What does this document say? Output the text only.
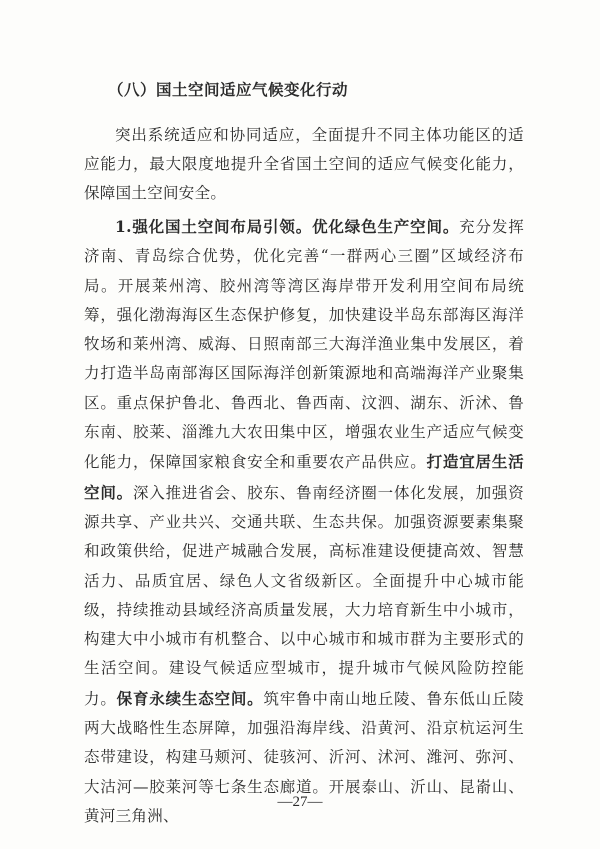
（八）国土空间适应气候变化行动

突出系统适应和协同适应，全面提升不同主体功能区的适应能力，最大限度地提升全省国土空间的适应气候变化能力，保障国土空间安全。

1.强化国土空间布局引领。优化绿色生产空间。充分发挥济南、青岛综合优势，优化完善“一群两心三圈”区域经济布局。开展莱州湾、胶州湾等湾区海岸带开发利用空间布局统筹，强化渤海海区生态保护修复，加快建设半岛东部海区海洋牧场和莱州湾、威海、日照南部三大海洋渔业集中发展区，着力打造半岛南部海区国际海洋创新策源地和高端海洋产业聚集区。重点保护鲁北、鲁西北、鲁西南、汶泗、湖东、沂沭、鲁东南、胶莱、淄潍九大农田集中区，增强农业生产适应气候变化能力，保障国家粮食安全和重要农产品供应。打造宜居生活空间。深入推进省会、胶东、鲁南经济圈一体化发展，加强资源共享、产业共兴、交通共联、生态共保。加强资源要素集聚和政策供给，促进产城融合发展，高标准建设便捷高效、智慧活力、品质宜居、绿色人文省级新区。全面提升中心城市能级，持续推动县域经济高质量发展，大力培育新生中小城市，构建大中小城市有机整合、以中心城市和城市群为主要形式的生活空间。建设气候适应型城市，提升城市气候风险防控能力。保育永续生态空间。筑牢鲁中南山地丘陵、鲁东低山丘陵两大战略性生态屏障，加强沿海岸线、沿黄河、沿京杭运河生态带建设，构建马颊河、徒骇河、沂河、沭河、潍河、弥河、大沽河—胶莱河等七条生态廊道。开展泰山、沂山、昆嵛山、黄河三角洲、

—27—
